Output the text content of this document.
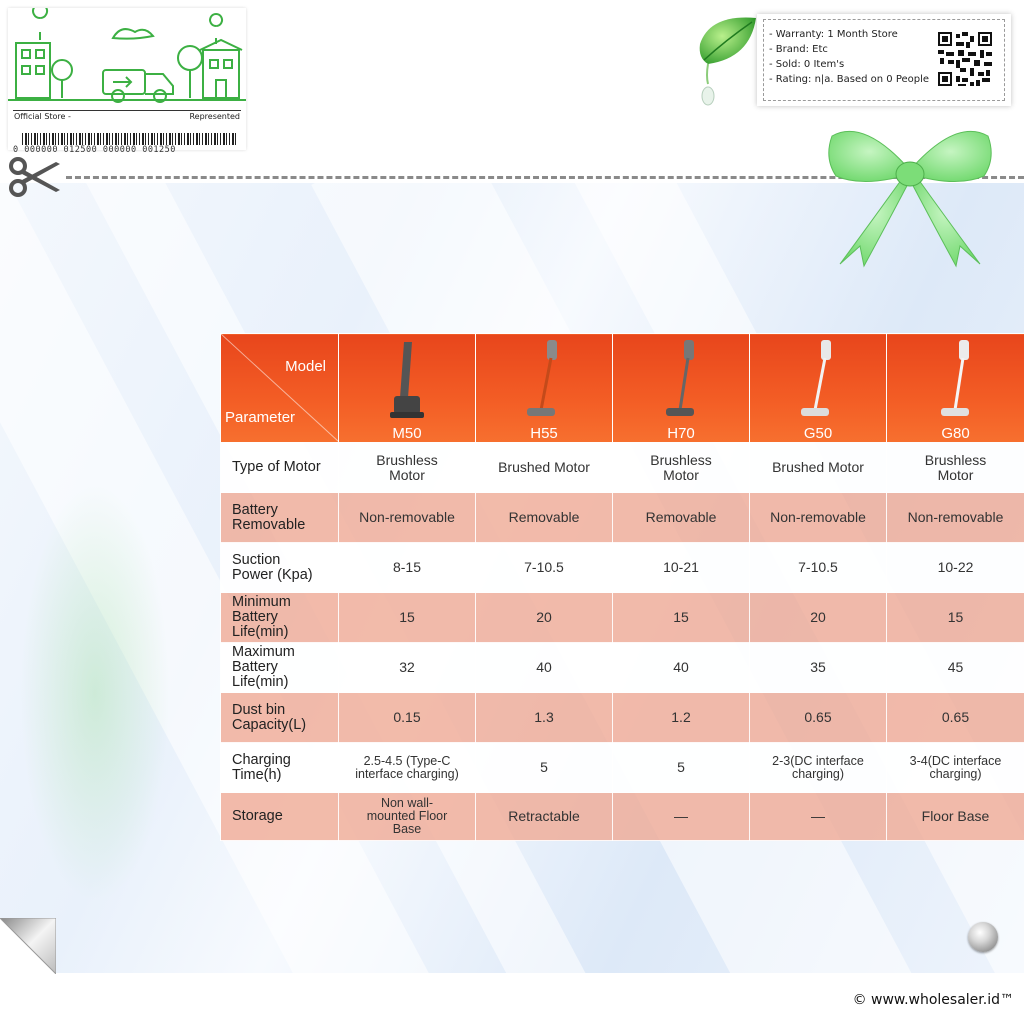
Official Store -	Represented
0 000000 012500 000000 001250
- Warranty: 1 Month Store
- Brand: Etc
- Sold: 0 Item's
- Rating: n|a. Based on 0 People
Model
Parameter	M50	H55	H70	G50	G80

Type of Motor	Brushless Motor	Brushed Motor	Brushless Motor	Brushed Motor	Brushless Motor
Battery Removable	Non-removable	Removable	Removable	Non-removable	Non-removable
Suction Power (Kpa)	8-15	7-10.5	10-21	7-10.5	10-22
Minimum Battery Life(min)	15	20	15	20	15
Maximum Battery Life(min)	32	40	40	35	45
Dust bin Capacity(L)	0.15	1.3	1.2	0.65	0.65
Charging Time(h)	2.5-4.5 (Type-C interface charging)	5	5	2-3(DC interface charging)	3-4(DC interface charging)
Storage	Non wall-mounted Floor Base	Retractable	—	—	Floor Base
© www.wholesaler.id™
